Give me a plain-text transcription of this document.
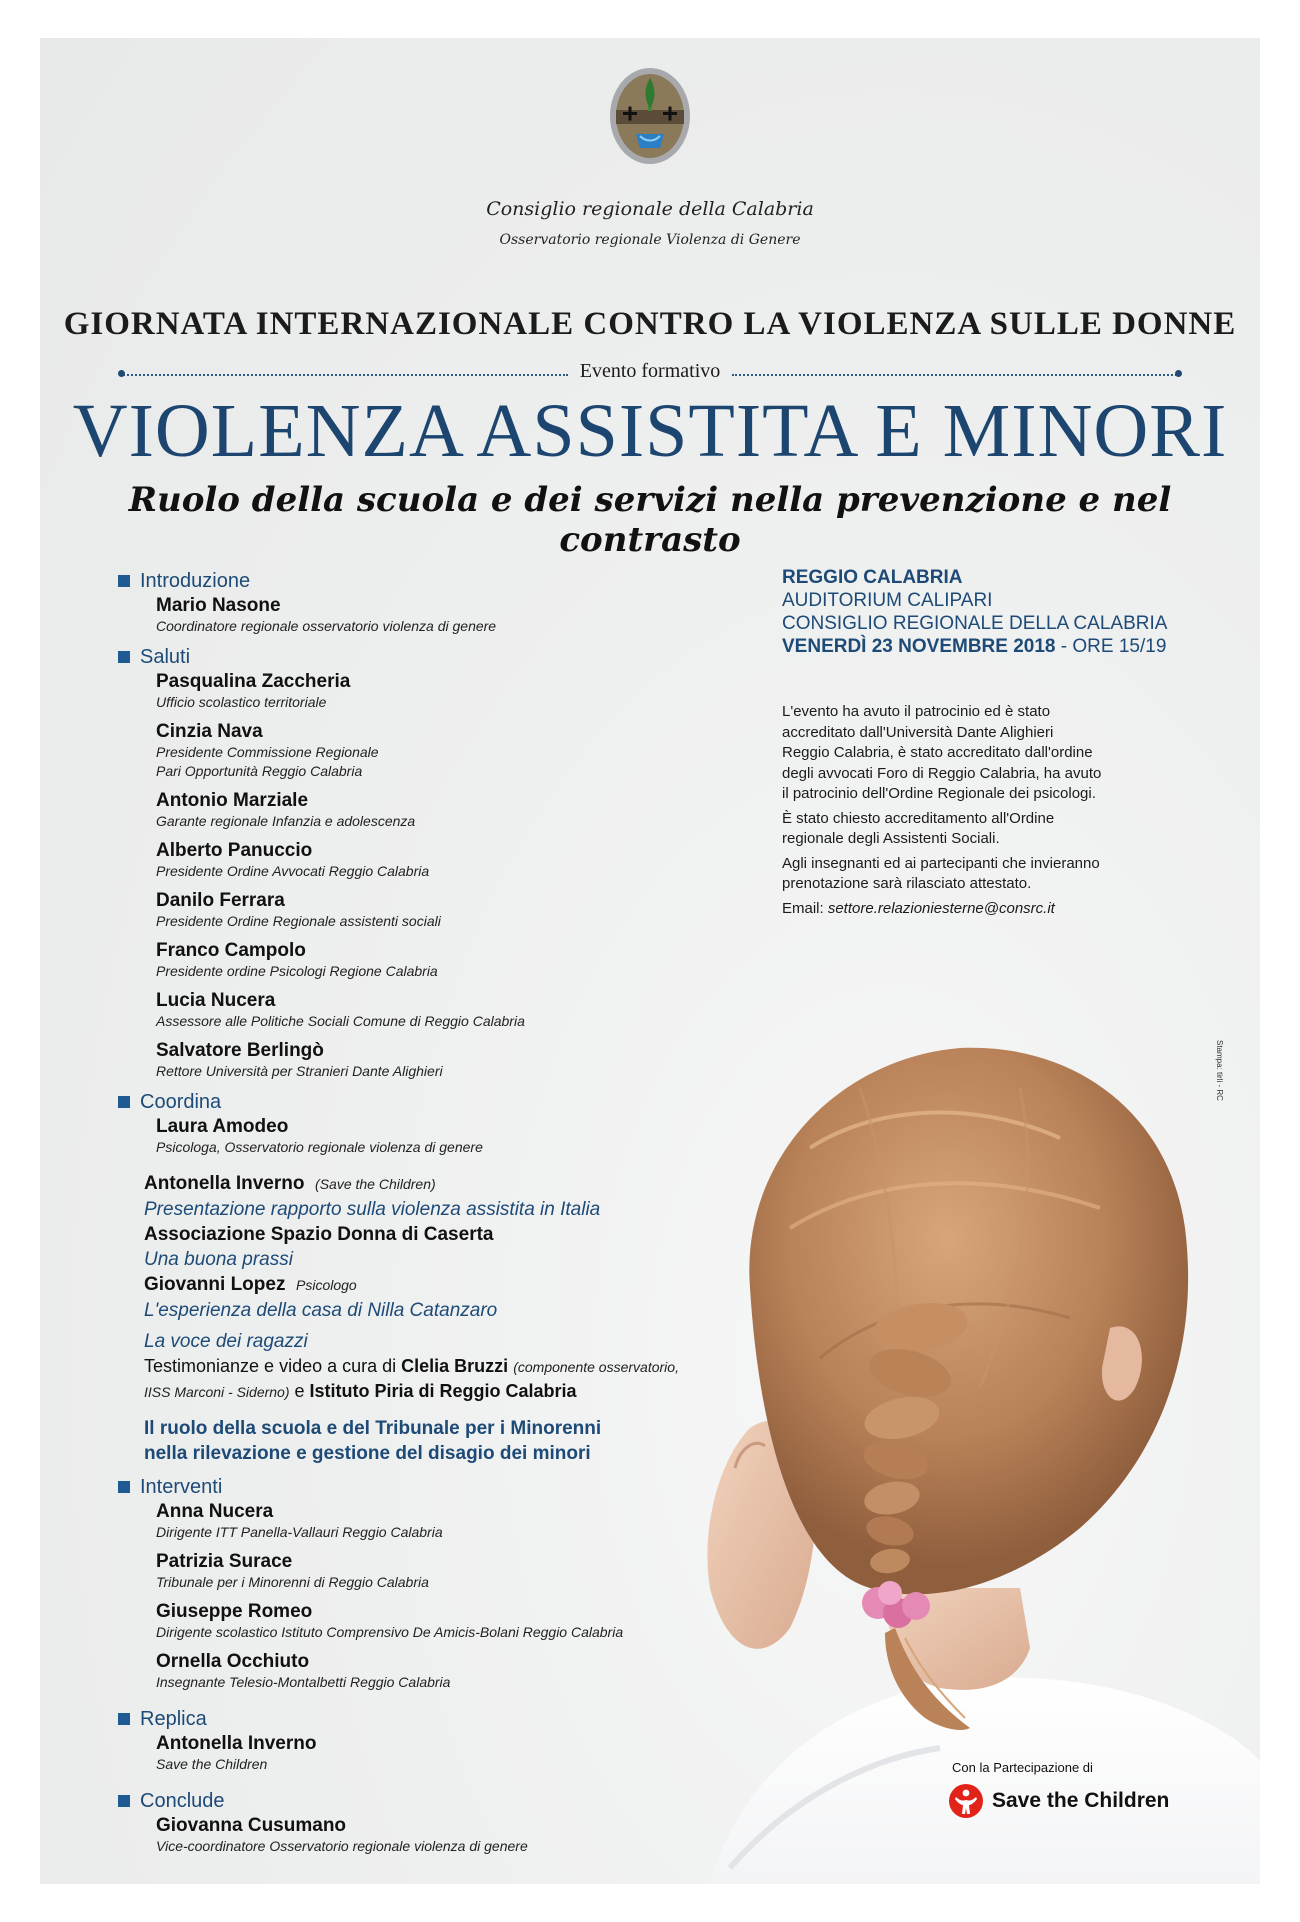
Consiglio regionale della Calabria
Osservatorio regionale Violenza di Genere
GIORNATA INTERNAZIONALE CONTRO LA VIOLENZA SULLE DONNE
Evento formativo
VIOLENZA ASSISTITA E MINORI
Ruolo della scuola e dei servizi nella prevenzione e nel contrasto
Introduzione
Mario Nasone
Coordinatore regionale osservatorio violenza di genere
Saluti
Pasqualina Zaccheria
Ufficio scolastico territoriale
Cinzia Nava
Presidente Commissione Regionale
Pari Opportunità Reggio Calabria
Antonio Marziale
Garante regionale Infanzia e adolescenza
Alberto Panuccio
Presidente Ordine Avvocati Reggio Calabria
Danilo Ferrara
Presidente Ordine Regionale assistenti sociali
Franco Campolo
Presidente ordine Psicologi Regione Calabria
Lucia Nucera
Assessore alle Politiche Sociali Comune di Reggio Calabria
Salvatore Berlingò
Rettore Università per Stranieri Dante Alighieri
Coordina
Laura Amodeo
Psicologa, Osservatorio regionale violenza di genere
Antonella Inverno (Save the Children)
Presentazione rapporto sulla violenza assistita in Italia
Associazione Spazio Donna di Caserta
Una buona prassi
Giovanni Lopez Psicologo
L'esperienza della casa di Nilla Catanzaro
La voce dei ragazzi
Testimonianze e video a cura di Clelia Bruzzi (componente osservatorio,
IISS Marconi - Siderno) e Istituto Piria di Reggio Calabria
Il ruolo della scuola e del Tribunale per i Minorenni
nella rilevazione e gestione del disagio dei minori
Interventi
Anna Nucera
Dirigente ITT Panella-Vallauri Reggio Calabria
Patrizia Surace
Tribunale per i Minorenni di Reggio Calabria
Giuseppe Romeo
Dirigente scolastico Istituto Comprensivo De Amicis-Bolani Reggio Calabria
Ornella Occhiuto
Insegnante Telesio-Montalbetti Reggio Calabria
Replica
Antonella Inverno
Save the Children
Conclude
Giovanna Cusumano
Vice-coordinatore Osservatorio regionale violenza di genere
REGGIO CALABRIA
AUDITORIUM CALIPARI
CONSIGLIO REGIONALE DELLA CALABRIA
VENERDÌ 23 NOVEMBRE 2018 - ORE 15/19

L'evento ha avuto il patrocinio ed è stato
accreditato dall'Università Dante Alighieri
Reggio Calabria, è stato accreditato dall'ordine
degli avvocati Foro di Reggio Calabria, ha avuto
il patrocinio dell'Ordine Regionale dei psicologi.

È stato chiesto accreditamento all'Ordine
regionale degli Assistenti Sociali.

Agli insegnanti ed ai partecipanti che invieranno
prenotazione sarà rilasciato attestato.

Email: settore.relazioniesterne@consrc.it

Stampa: tirli - RC
Con la Partecipazione di
Save the Children
